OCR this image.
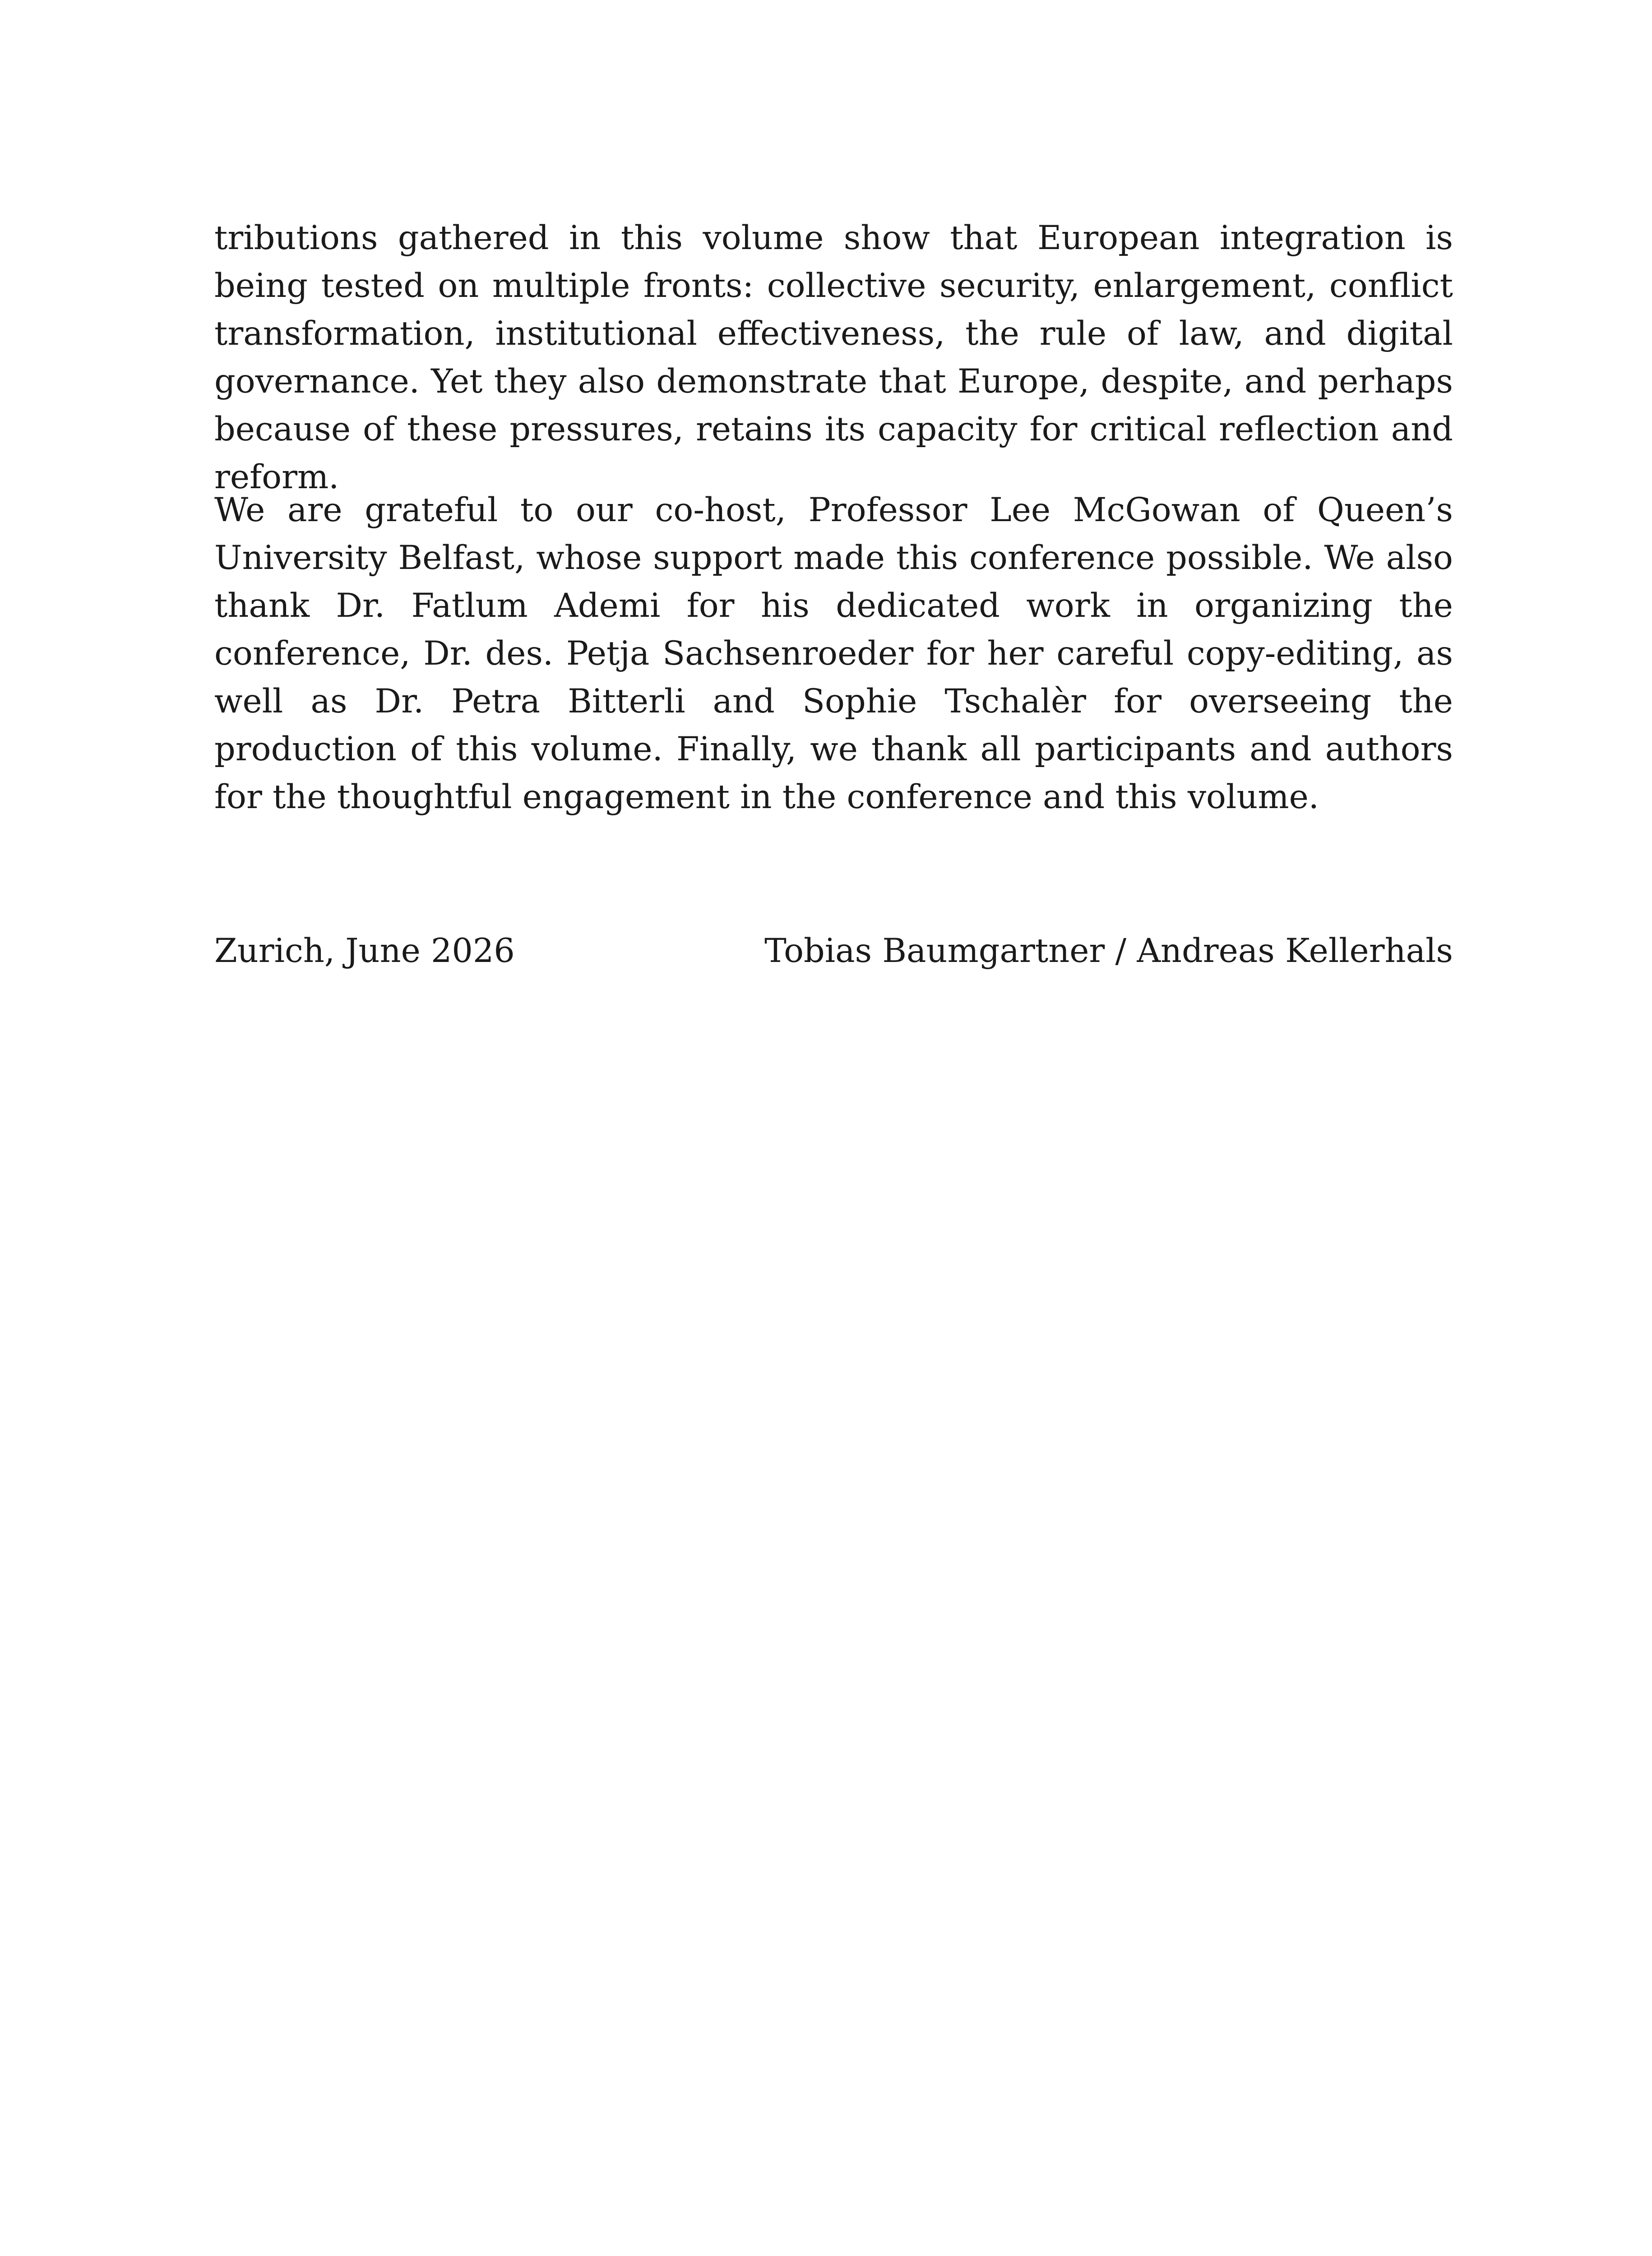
tributions gathered in this volume show that European integration is being tested on multiple fronts: collective security, enlargement, conflict transformation, institutional effectiveness, the rule of law, and digital governance. Yet they also demonstrate that Europe, despite, and perhaps because of these pressures, retains its capacity for critical reflection and reform.

We are grateful to our co-host, Professor Lee McGowan of Queen’s University Belfast, whose support made this conference possible. We also thank Dr. Fatlum Ademi for his dedicated work in organizing the conference, Dr. des. Petja Sachsenroeder for her careful copy-editing, as well as Dr. Petra Bitterli and Sophie Tschalèr for overseeing the production of this volume. Finally, we thank all participants and authors for the thoughtful engagement in the conference and this volume.

Zurich, June 2026	Tobias Baumgartner / Andreas Kellerhals
